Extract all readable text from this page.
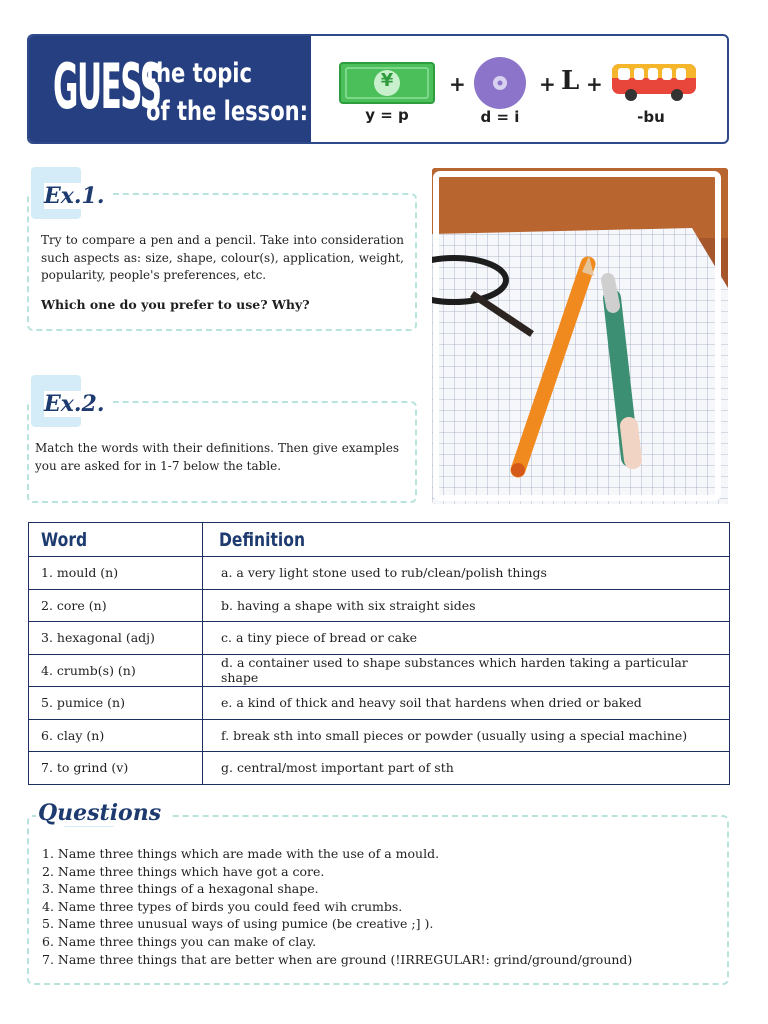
GUESS
the topic
of the lesson:
¥
y = p
+
d = i
+ L +
-bu
Ex.1.
Try to compare a pen and a pencil. Take into consideration such aspects as: size, shape, colour(s), application, weight, popularity, people's preferences, etc.
Which one do you prefer to use? Why?
Ex.2.
Match the words with their definitions. Then give examples you are asked for in 1-7 below the table.
Word	Definition
1. mould (n)	a. a very light stone used to rub/clean/polish things
2. core (n)	b. having a shape with six straight sides
3. hexagonal (adj)	c. a tiny piece of bread or cake
4. crumb(s) (n)	d. a container used to shape substances which harden taking a particular shape
5. pumice (n)	e. a kind of thick and heavy soil that hardens when dried or baked
6. clay (n)	f. break sth into small pieces or powder (usually using a special machine)
7. to grind (v)	g. central/most important part of sth
Questions
1. Name three things which are made with the use of a mould.
2. Name three things which have got a core.
3. Name three things of a hexagonal shape.
4. Name three types of birds you could feed wih crumbs.
5. Name three unusual ways of using pumice (be creative ;] ).
6. Name three things you can make of clay.
7. Name three things that are better when are ground (!IRREGULAR!: grind/ground/ground)
